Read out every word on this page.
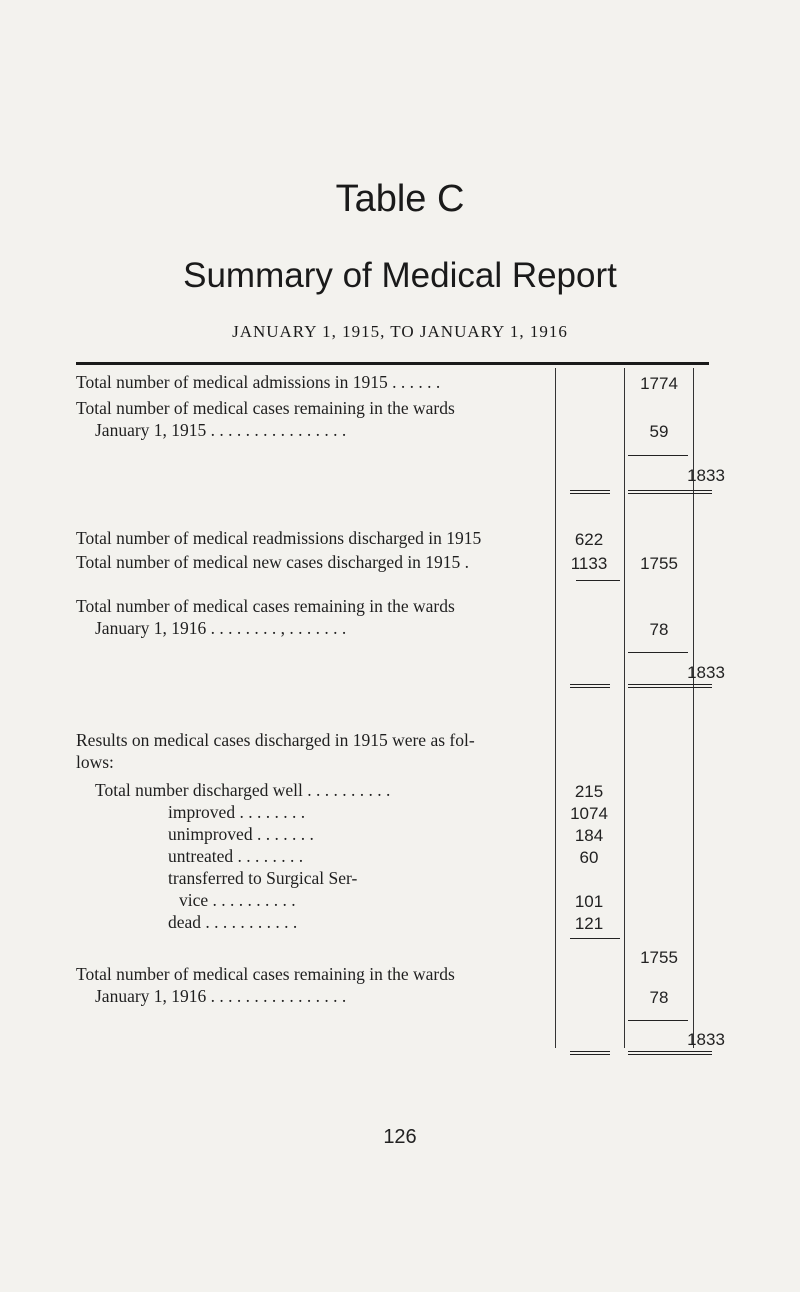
Table C
Summary of Medical Report
JANUARY 1, 1915, TO JANUARY 1, 1916
Total number of medical admissions in 1915 . . . . . .	1774
Total number of medical cases remaining in the wards
January 1, 1915 . . . . . . . . . . . . . . . .	59
1833
Total number of medical readmissions discharged in 1915	622
Total number of medical new cases discharged in 1915 .	1133	1755
Total number of medical cases remaining in the wards
January 1, 1916 . . . . . . . . , . . . . . . .	78
1833
Results on medical cases discharged in 1915 were as fol-
lows:
Total number discharged well . . . . . . . . . .	215
improved . . . . . . . .	1074
unimproved . . . . . . .	184
untreated . . . . . . . .	60
transferred to Surgical Ser-
vice . . . . . . . . . .	101
dead . . . . . . . . . . .	121
1755
Total number of medical cases remaining in the wards
January 1, 1916 . . . . . . . . . . . . . . . .	78
1833
126
